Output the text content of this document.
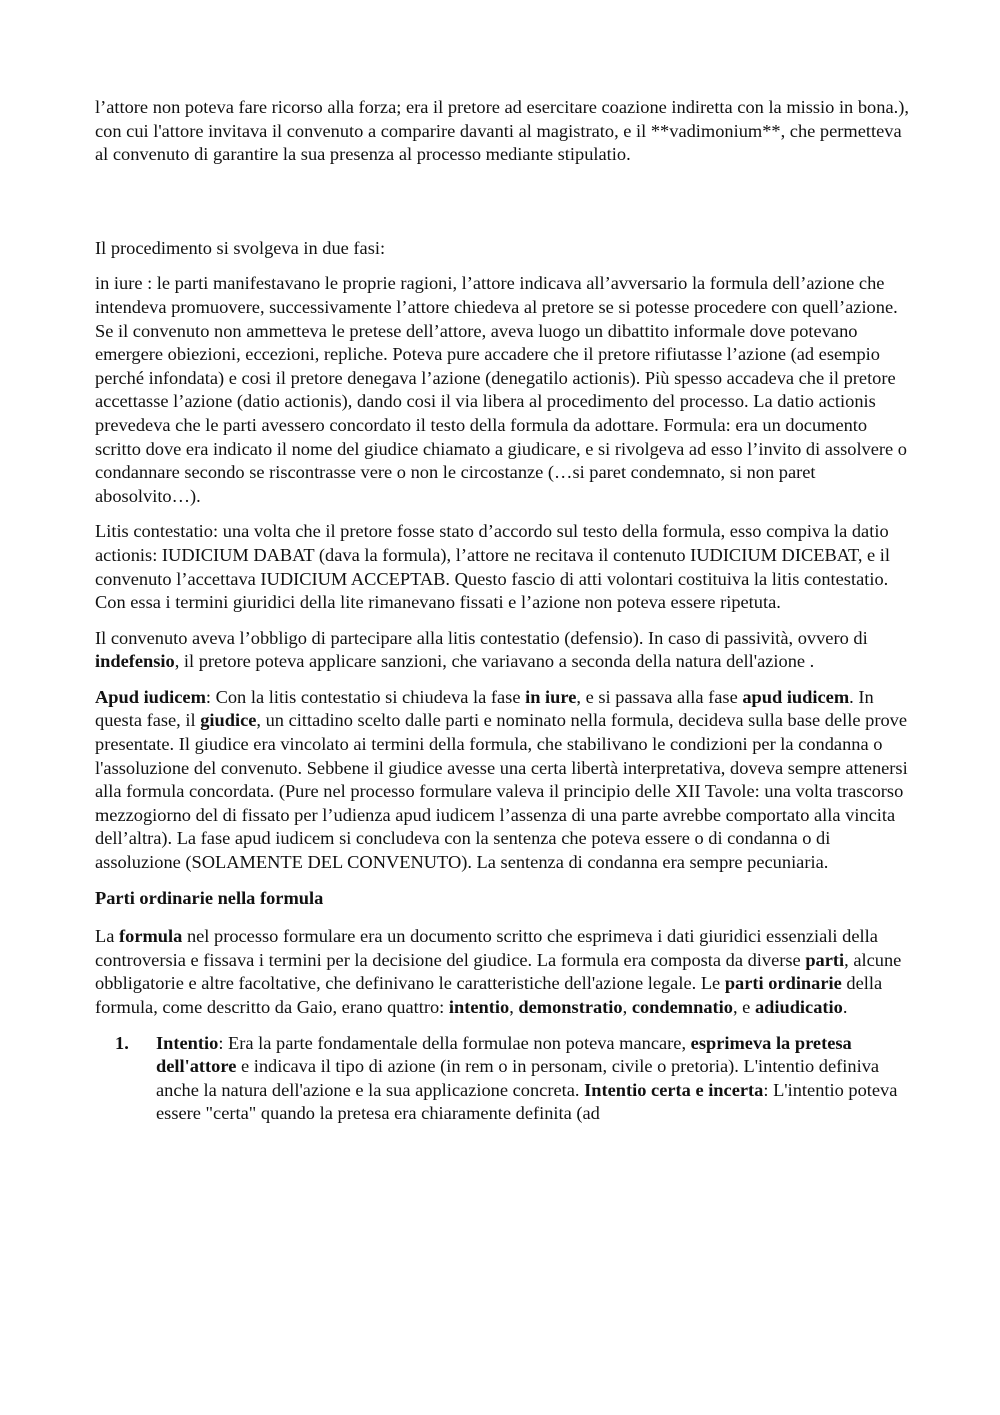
l’attore non poteva fare ricorso alla forza; era il pretore ad esercitare coazione indiretta con la missio in bona.), con cui l'attore invitava il convenuto a comparire davanti al magistrato, e il **vadimonium**, che permetteva al convenuto di garantire la sua presenza al processo mediante stipulatio.

Il procedimento si svolgeva in due fasi:

in iure : le parti manifestavano le proprie ragioni, l’attore indicava all’avversario la formula dell’azione che intendeva promuovere, successivamente l’attore chiedeva al pretore se si potesse procedere con quell’azione. Se il convenuto non ammetteva le pretese dell’attore, aveva luogo un dibattito informale dove potevano emergere obiezioni, eccezioni, repliche. Poteva pure accadere che il pretore rifiutasse l’azione (ad esempio perché infondata) e cosi il pretore denegava l’azione (denegatilo actionis). Più spesso accadeva che il pretore accettasse l’azione (datio actionis), dando cosi il via libera al procedimento del processo. La datio actionis prevedeva che le parti avessero concordato il testo della formula da adottare. Formula: era un documento scritto dove era indicato il nome del giudice chiamato a giudicare, e si rivolgeva ad esso l’invito di assolvere o condannare secondo se riscontrasse vere o non le circostanze (…si paret condemnato, si non paret abosolvito…).

Litis contestatio: una volta che il pretore fosse stato d’accordo sul testo della formula, esso compiva la datio actionis: IUDICIUM DABAT (dava la formula), l’attore ne recitava il contenuto IUDICIUM DICEBAT, e il convenuto l’accettava IUDICIUM ACCEPTAB. Questo fascio di atti volontari costituiva la litis contestatio. Con essa i termini giuridici della lite rimanevano fissati e l’azione non poteva essere ripetuta.

Il convenuto aveva l’obbligo di partecipare alla litis contestatio (defensio). In caso di passività, ovvero di indefensio, il pretore poteva applicare sanzioni, che variavano a seconda della natura dell'azione .

Apud iudicem: Con la litis contestatio si chiudeva la fase in iure, e si passava alla fase apud iudicem. In questa fase, il giudice, un cittadino scelto dalle parti e nominato nella formula, decideva sulla base delle prove presentate. Il giudice era vincolato ai termini della formula, che stabilivano le condizioni per la condanna o l'assoluzione del convenuto. Sebbene il giudice avesse una certa libertà interpretativa, doveva sempre attenersi alla formula concordata. (Pure nel processo formulare valeva il principio delle XII Tavole: una volta trascorso mezzogiorno del di fissato per l’udienza apud iudicem l’assenza di una parte avrebbe comportato alla vincita dell’altra). La fase apud iudicem si concludeva con la sentenza che poteva essere o di condanna o di assoluzione (SOLAMENTE DEL CONVENUTO). La sentenza di condanna era sempre pecuniaria.

Parti ordinarie nella formula

La formula nel processo formulare era un documento scritto che esprimeva i dati giuridici essenziali della controversia e fissava i termini per la decisione del giudice. La formula era composta da diverse parti, alcune obbligatorie e altre facoltative, che definivano le caratteristiche dell'azione legale. Le parti ordinarie della formula, come descritto da Gaio, erano quattro: intentio, demonstratio, condemnatio, e adiudicatio.

1.	Intentio: Era la parte fondamentale della formulae non poteva mancare, esprimeva la pretesa dell'attore e indicava il tipo di azione (in rem o in personam, civile o pretoria). L'intentio definiva anche la natura dell'azione e la sua applicazione concreta. Intentio certa e incerta: L'intentio poteva essere "certa" quando la pretesa era chiaramente definita (ad
